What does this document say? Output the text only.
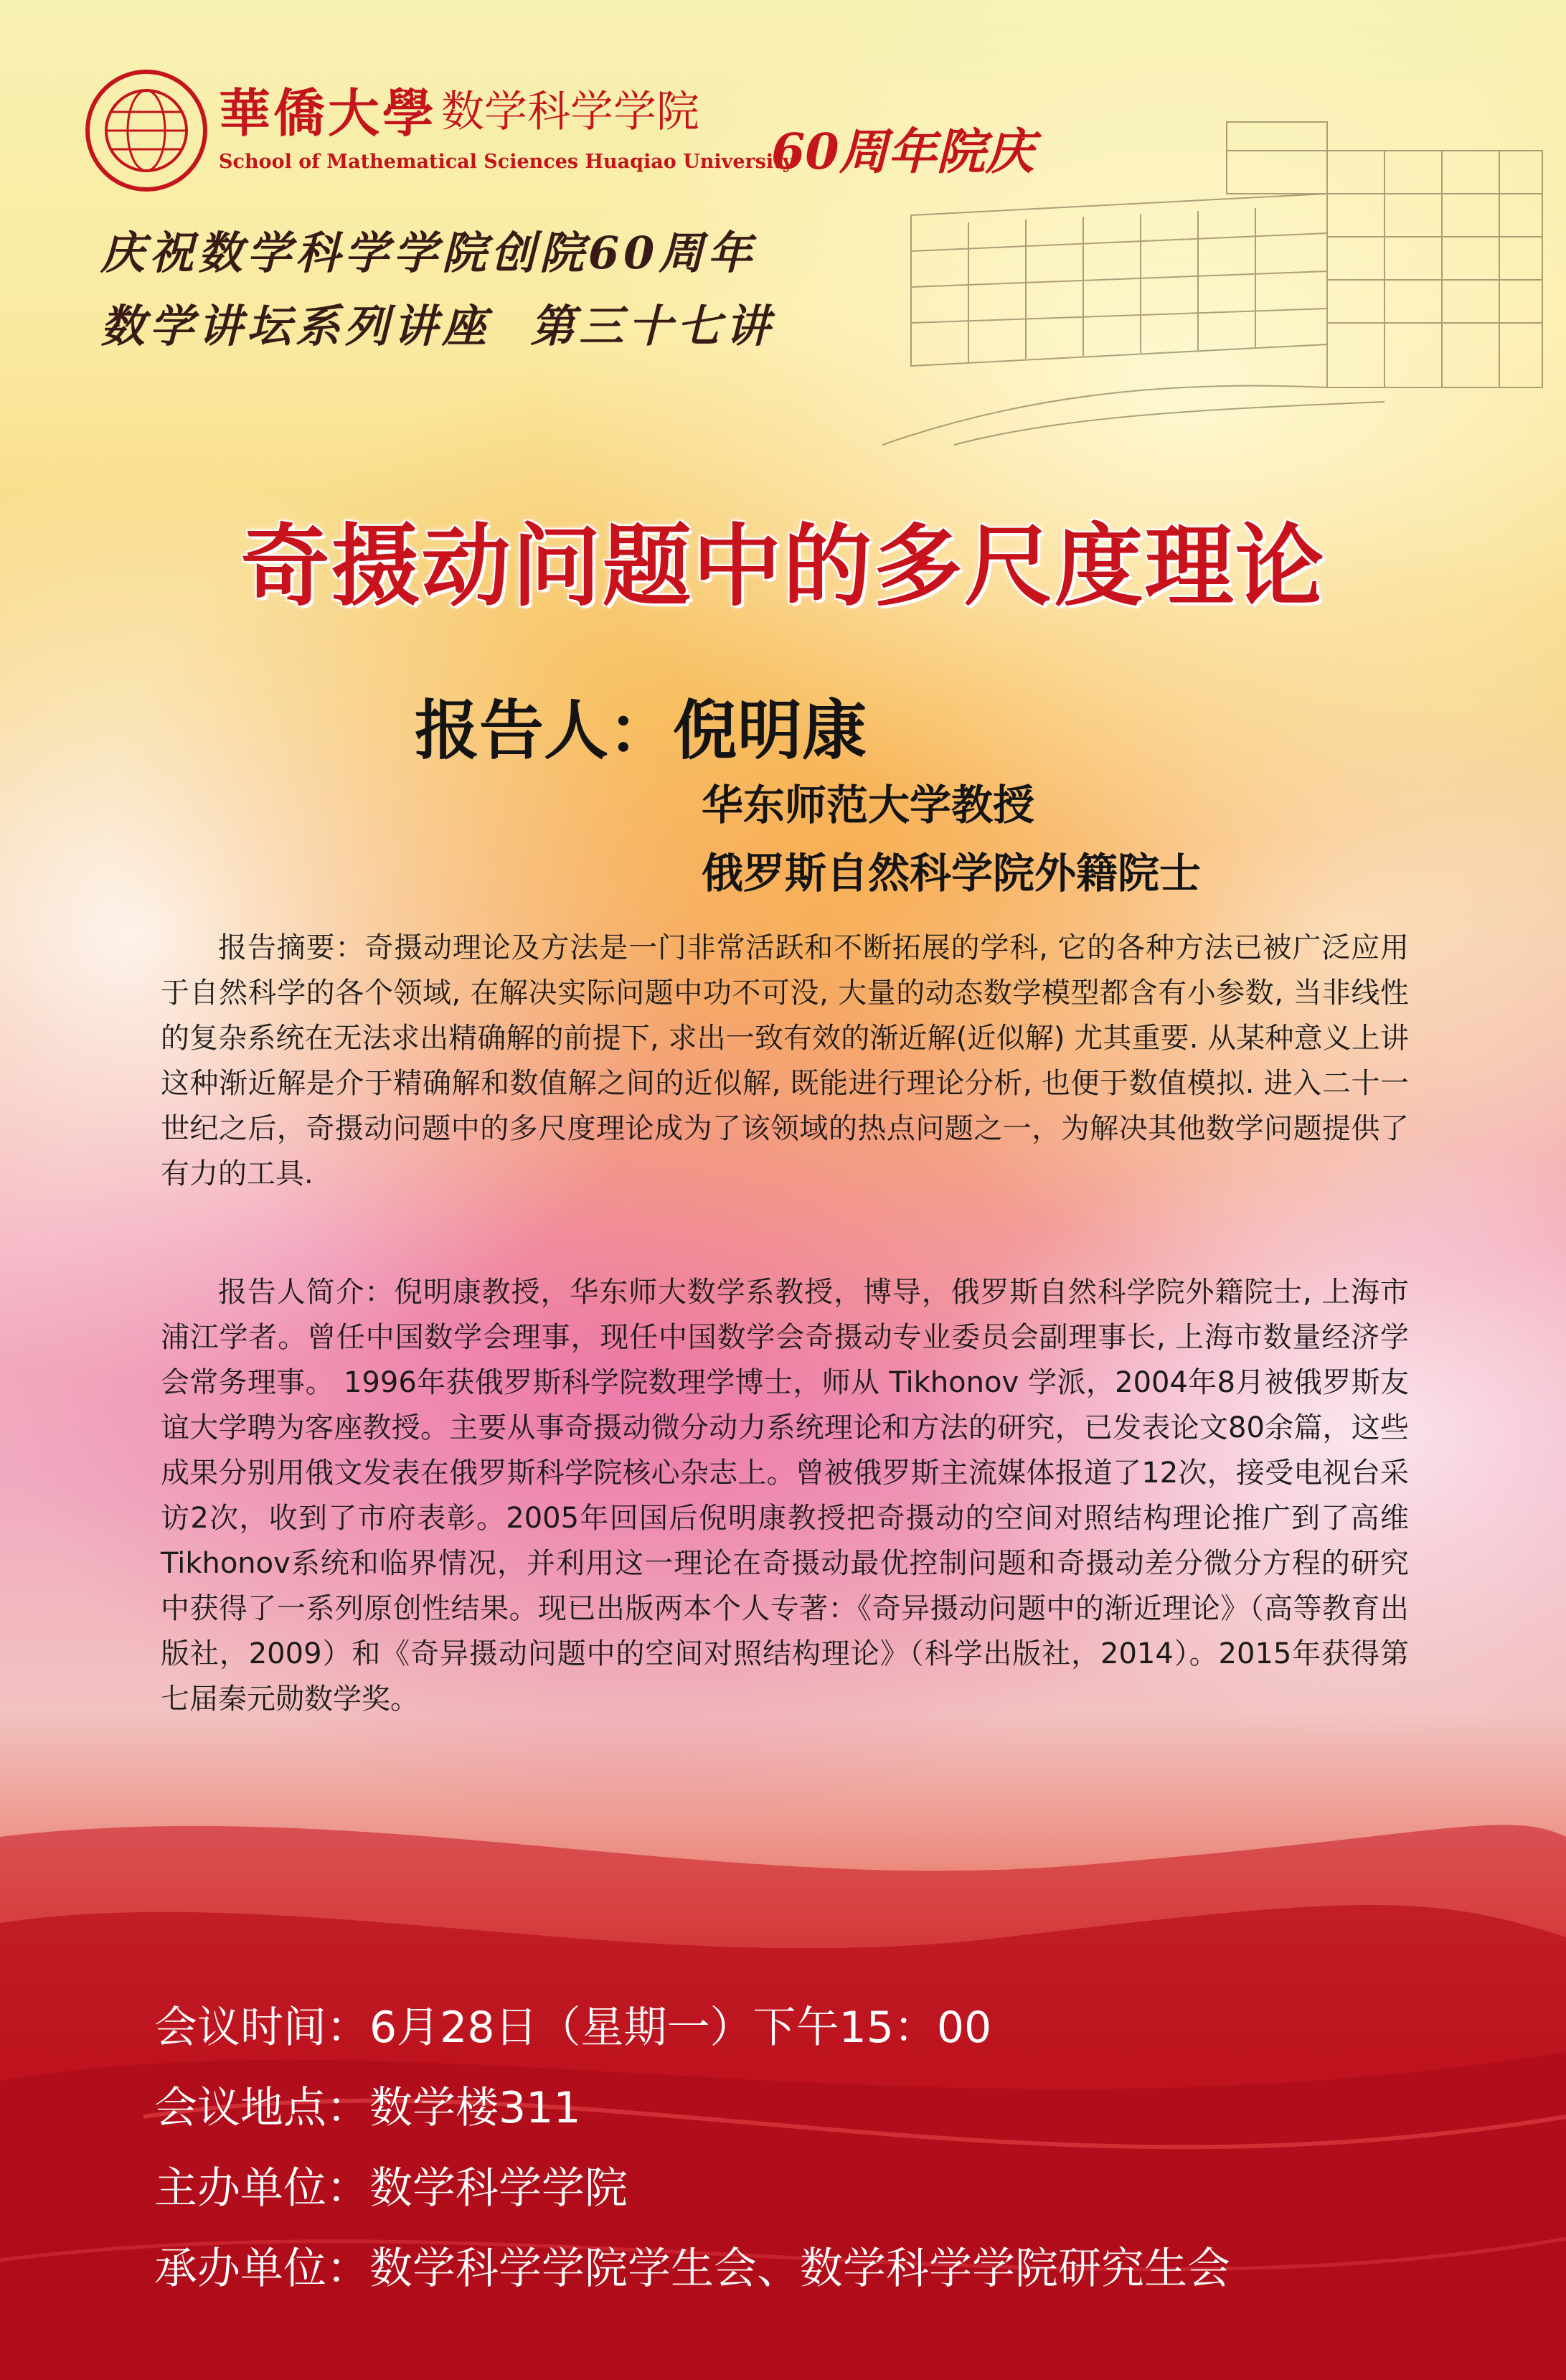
華僑大學 数学科学学院
School of Mathematical Sciences Huaqiao University
60周年院庆
庆祝数学科学学院创院60周年
数学讲坛系列讲座  第三十七讲
奇摄动问题中的多尺度理论
报告人：倪明康
华东师范大学教授
俄罗斯自然科学院外籍院士
报告摘要：奇摄动理论及方法是一门非常活跃和不断拓展的学科, 它的各种方法已被广泛应用于自然科学的各个领域, 在解决实际问题中功不可没, 大量的动态数学模型都含有小参数, 当非线性的复杂系统在无法求出精确解的前提下, 求出一致有效的渐近解(近似解) 尤其重要. 从某种意义上讲这种渐近解是介于精确解和数值解之间的近似解, 既能进行理论分析, 也便于数值模拟. 进入二十一世纪之后，奇摄动问题中的多尺度理论成为了该领域的热点问题之一，为解决其他数学问题提供了有力的工具.
报告人简介：倪明康教授，华东师大数学系教授，博导，俄罗斯自然科学院外籍院士, 上海市浦江学者。曾任中国数学会理事，现任中国数学会奇摄动专业委员会副理事长, 上海市数量经济学会常务理事。 1996年获俄罗斯科学院数理学博士，师从 Tikhonov 学派，2004年8月被俄罗斯友谊大学聘为客座教授。主要从事奇摄动微分动力系统理论和方法的研究，已发表论文80余篇，这些成果分别用俄文发表在俄罗斯科学院核心杂志上。曾被俄罗斯主流媒体报道了12次，接受电视台采访2次，收到了市府表彰。2005年回国后倪明康教授把奇摄动的空间对照结构理论推广到了高维Tikhonov系统和临界情况，并利用这一理论在奇摄动最优控制问题和奇摄动差分微分方程的研究中获得了一系列原创性结果。现已出版两本个人专著：《奇异摄动问题中的渐近理论》（高等教育出版社，2009）和《奇异摄动问题中的空间对照结构理论》（科学出版社，2014）。2015年获得第七届秦元勋数学奖。
会议时间：6月28日（星期一）下午15：00
会议地点：数学楼311
主办单位：数学科学学院
承办单位：数学科学学院学生会、数学科学学院研究生会
